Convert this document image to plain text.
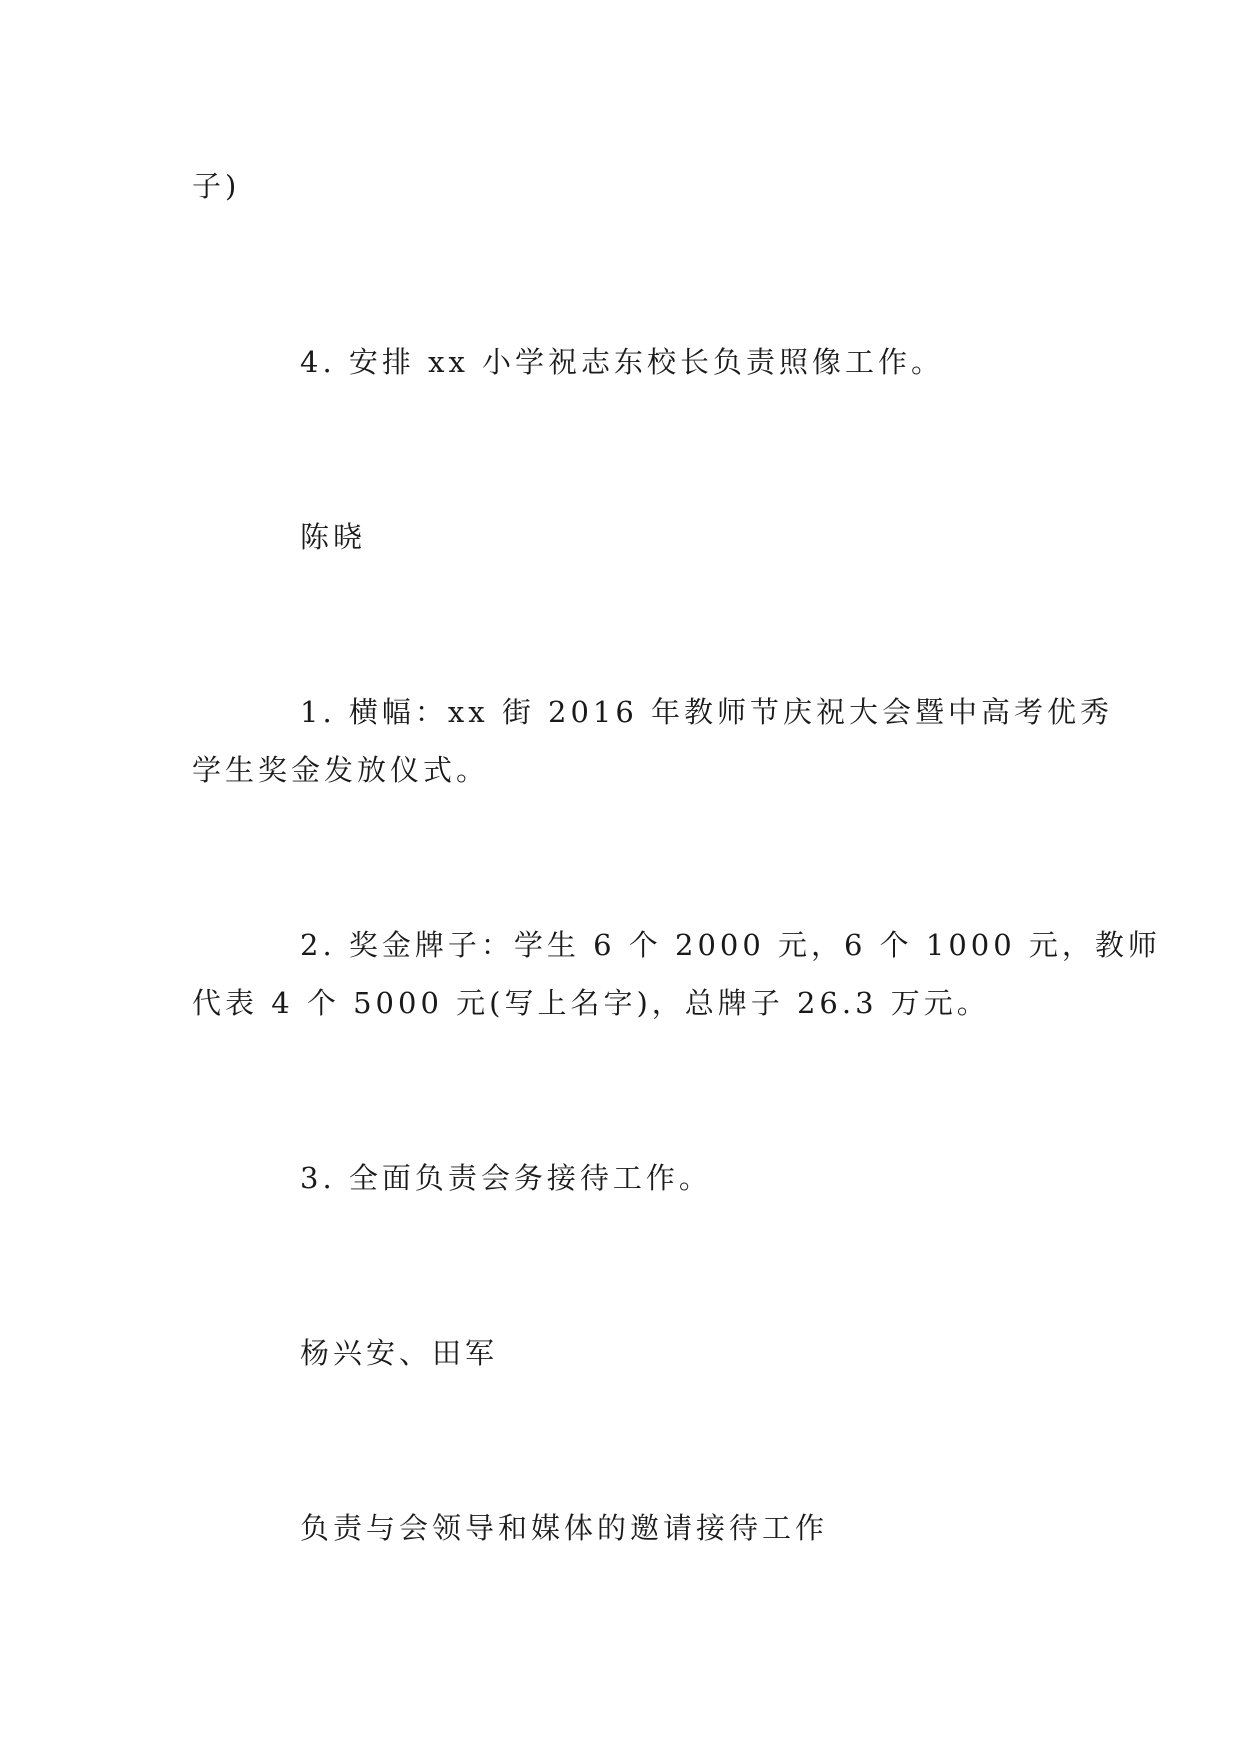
子)
4. 安排 xx 小学祝志东校长负责照像工作。
陈晓
1. 横幅：xx 街 2016 年教师节庆祝大会暨中高考优秀
学生奖金发放仪式。
2. 奖金牌子：学生 6 个 2000 元，6 个 1000 元，教师
代表 4 个 5000 元(写上名字)，总牌子 26.3 万元。
3. 全面负责会务接待工作。
杨兴安、田军
负责与会领导和媒体的邀请接待工作
